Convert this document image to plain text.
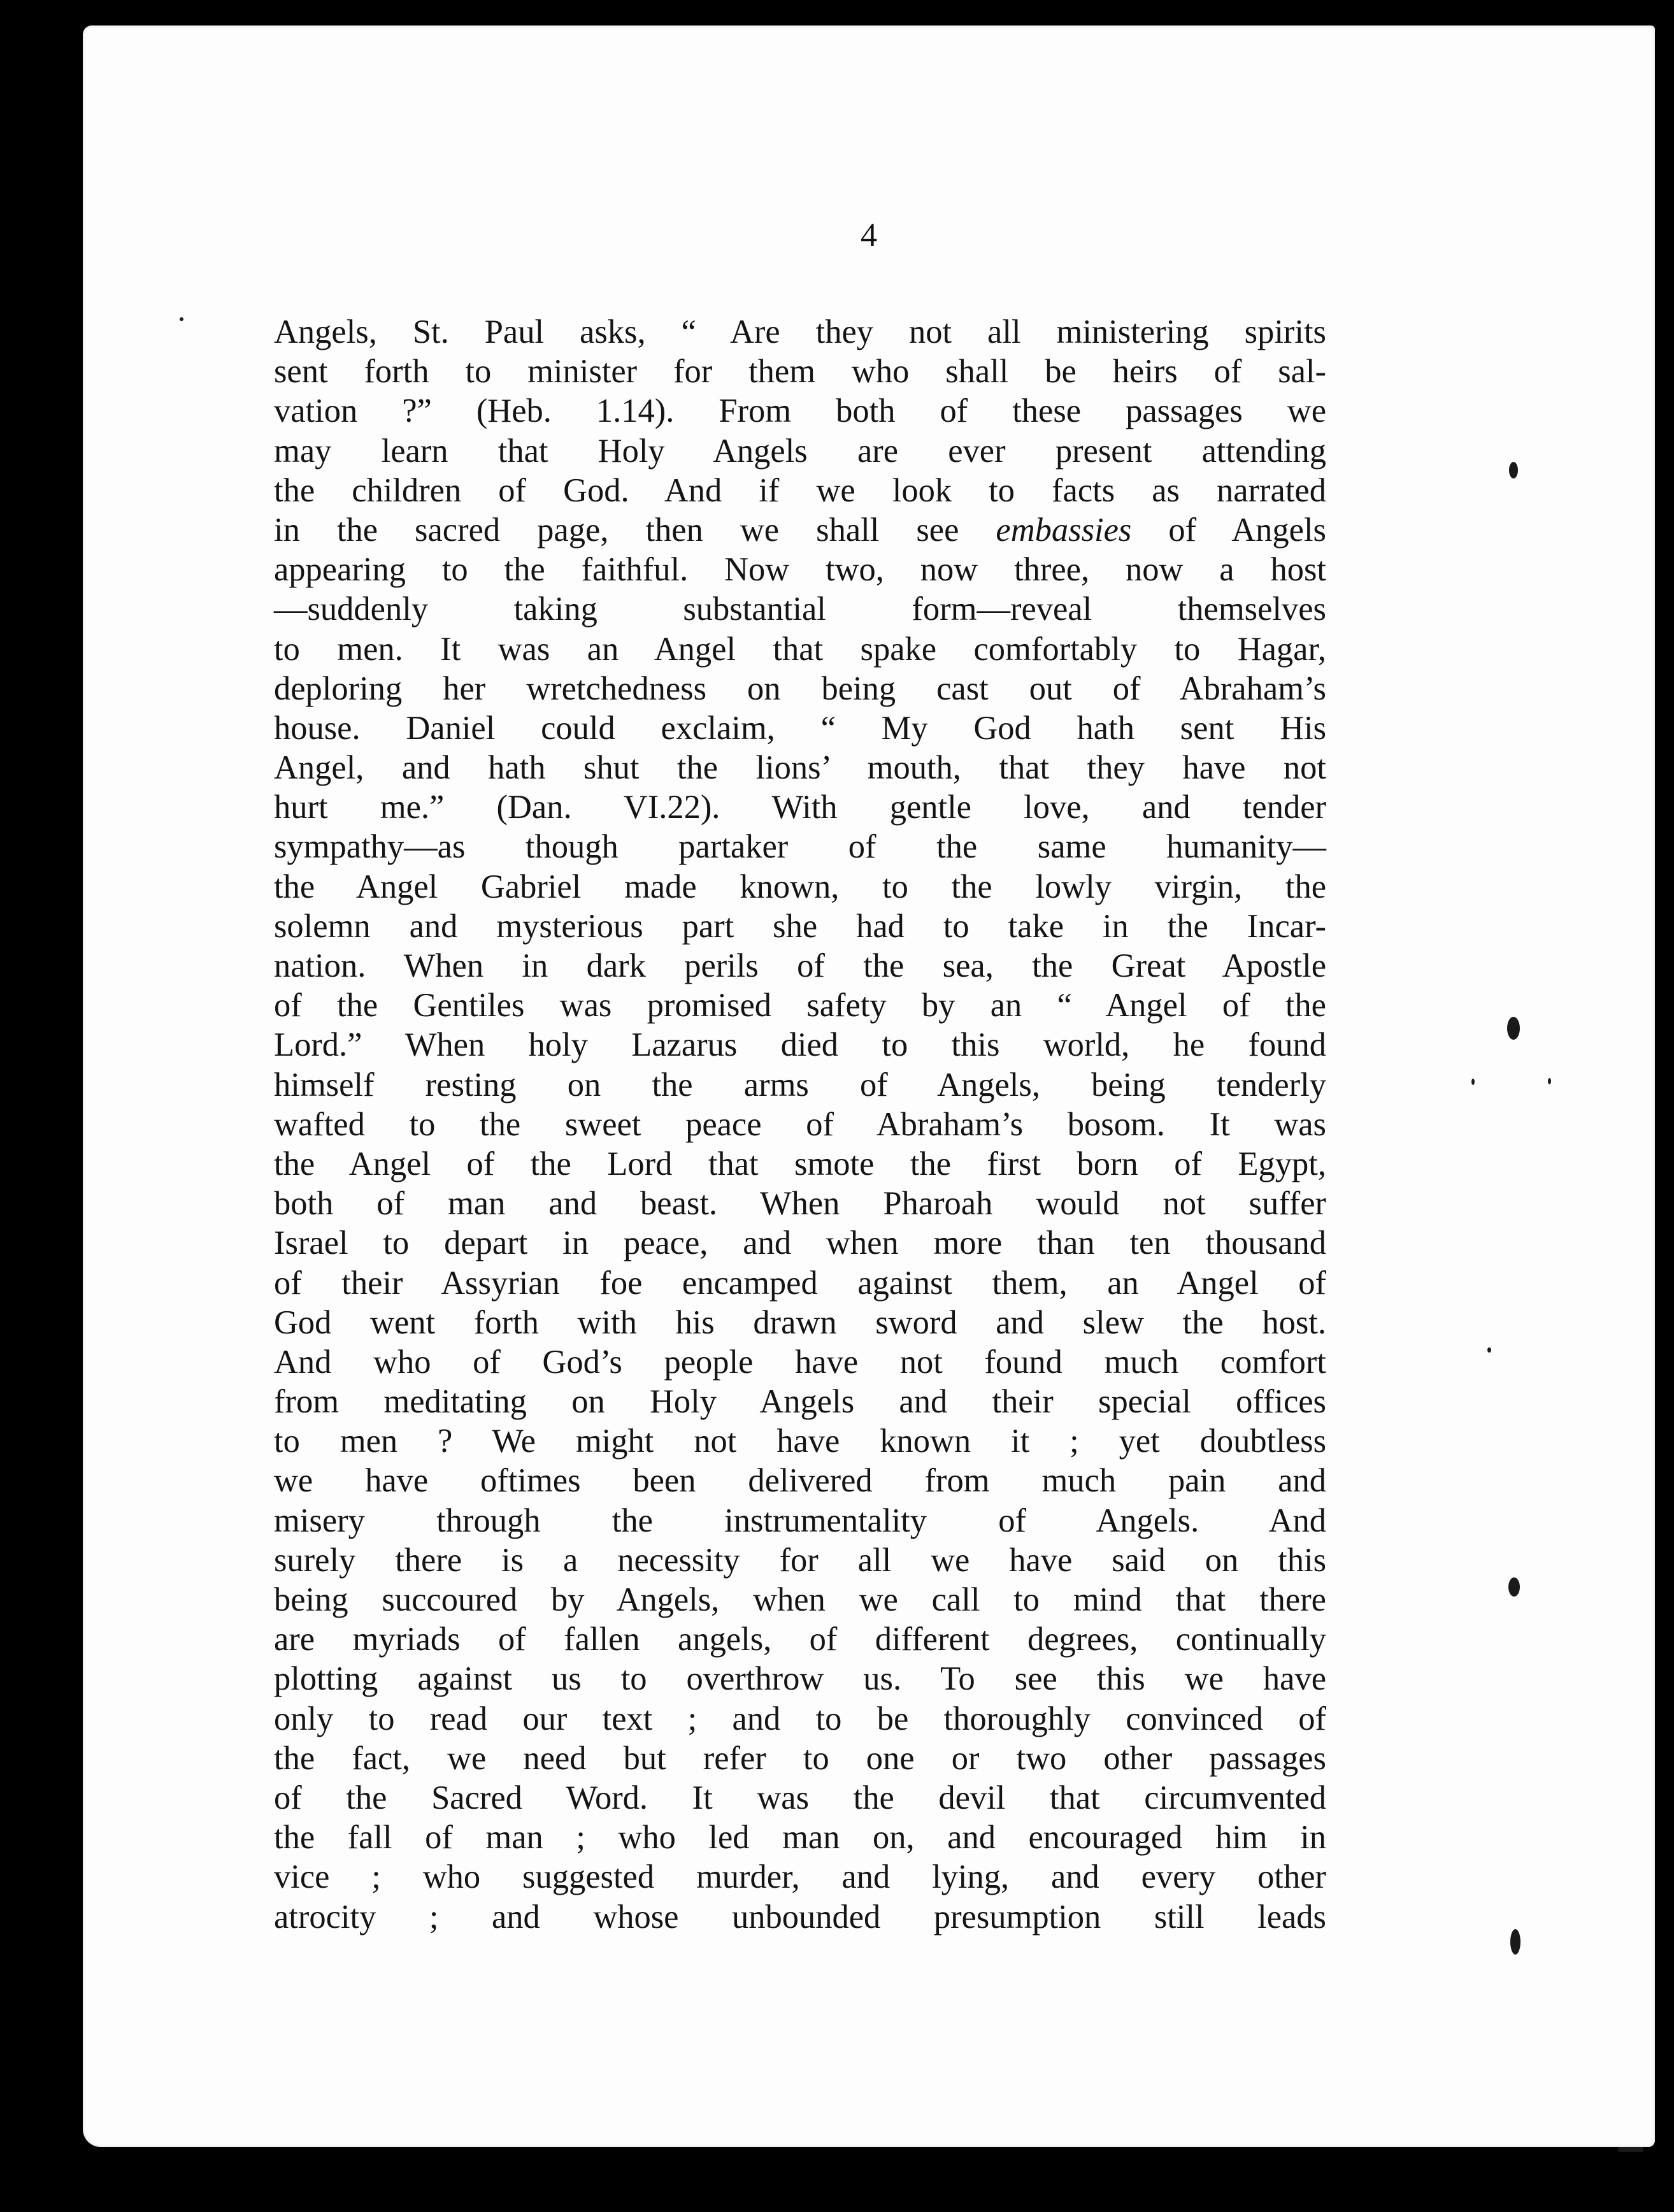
4
Angels, St. Paul asks, “ Are they not all ministering spirits
sent forth to minister for them who shall be heirs of sal-
vation ?” (Heb. 1.14). From both of these passages we
may learn that Holy Angels are ever present attending
the children of God. And if we look to facts as narrated
in the sacred page, then we shall see embassies of Angels
appearing to the faithful. Now two, now three, now a host
—suddenly taking substantial form—reveal themselves
to men. It was an Angel that spake comfortably to Hagar,
deploring her wretchedness on being cast out of Abraham’s
house. Daniel could exclaim, “ My God hath sent His
Angel, and hath shut the lions’ mouth, that they have not
hurt me.” (Dan. VI.22). With gentle love, and tender
sympathy—as though partaker of the same humanity—
the Angel Gabriel made known, to the lowly virgin, the
solemn and mysterious part she had to take in the Incar-
nation. When in dark perils of the sea, the Great Apostle
of the Gentiles was promised safety by an “ Angel of the
Lord.” When holy Lazarus died to this world, he found
himself resting on the arms of Angels, being tenderly
wafted to the sweet peace of Abraham’s bosom. It was
the Angel of the Lord that smote the first born of Egypt,
both of man and beast. When Pharoah would not suffer
Israel to depart in peace, and when more than ten thousand
of their Assyrian foe encamped against them, an Angel of
God went forth with his drawn sword and slew the host.
And who of God’s people have not found much comfort
from meditating on Holy Angels and their special offices
to men ? We might not have known it ; yet doubtless
we have oftimes been delivered from much pain and
misery through the instrumentality of Angels. And
surely there is a necessity for all we have said on this
being succoured by Angels, when we call to mind that there
are myriads of fallen angels, of different degrees, continually
plotting against us to overthrow us. To see this we have
only to read our text ; and to be thoroughly convinced of
the fact, we need but refer to one or two other passages
of the Sacred Word. It was the devil that circumvented
the fall of man ; who led man on, and encouraged him in
vice ; who suggested murder, and lying, and every other
atrocity ; and whose unbounded presumption still leads
